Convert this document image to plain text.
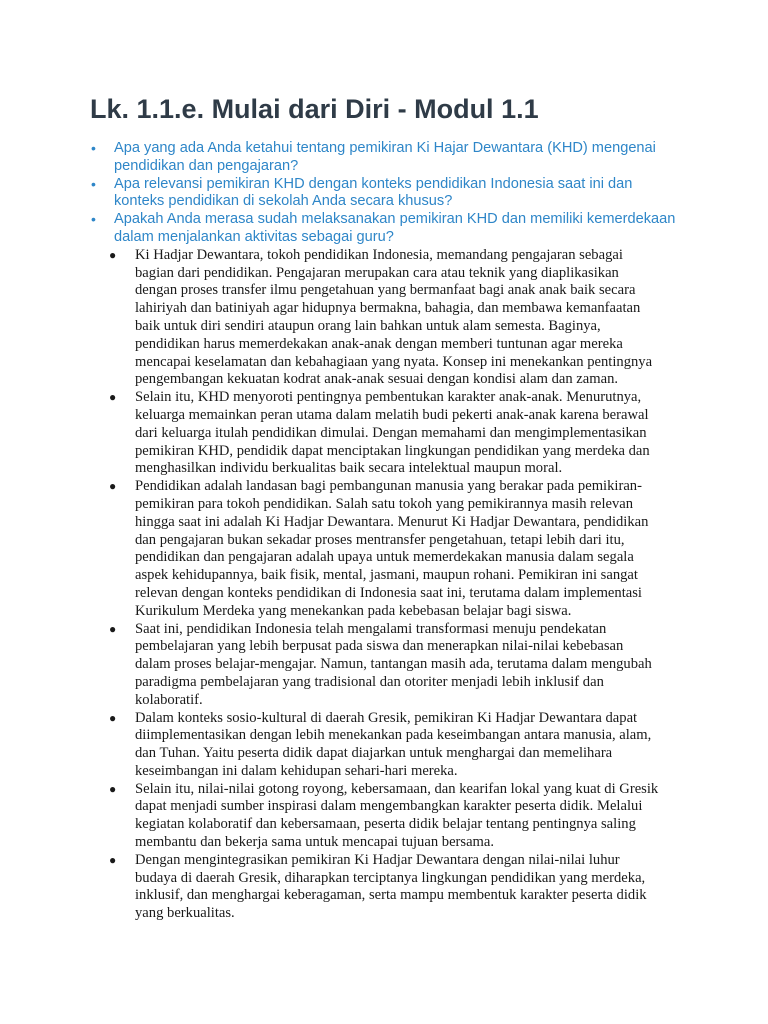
Lk. 1.1.e. Mulai dari Diri - Modul 1.1
• Apa yang ada Anda ketahui tentang pemikiran Ki Hajar Dewantara (KHD) mengenai pendidikan dan pengajaran?
• Apa relevansi pemikiran KHD dengan konteks pendidikan Indonesia saat ini dan konteks pendidikan di sekolah Anda secara khusus?
• Apakah Anda merasa sudah melaksanakan pemikiran KHD dan memiliki kemerdekaan dalam menjalankan aktivitas sebagai guru?
● Ki Hadjar Dewantara, tokoh pendidikan Indonesia, memandang pengajaran sebagai
bagian dari pendidikan. Pengajaran merupakan cara atau teknik yang diaplikasikan
dengan proses transfer ilmu pengetahuan yang bermanfaat bagi anak anak baik secara
lahiriyah dan batiniyah agar hidupnya bermakna, bahagia, dan membawa kemanfaatan
baik untuk diri sendiri ataupun orang lain bahkan untuk alam semesta. Baginya,
pendidikan harus memerdekakan anak-anak dengan memberi tuntunan agar mereka
mencapai keselamatan dan kebahagiaan yang nyata. Konsep ini menekankan pentingnya
pengembangan kekuatan kodrat anak-anak sesuai dengan kondisi alam dan zaman.
● Selain itu, KHD menyoroti pentingnya pembentukan karakter anak-anak. Menurutnya,
keluarga memainkan peran utama dalam melatih budi pekerti anak-anak karena berawal
dari keluarga itulah pendidikan dimulai. Dengan memahami dan mengimplementasikan
pemikiran KHD, pendidik dapat menciptakan lingkungan pendidikan yang merdeka dan
menghasilkan individu berkualitas baik secara intelektual maupun moral.
● Pendidikan adalah landasan bagi pembangunan manusia yang berakar pada pemikiran-
pemikiran para tokoh pendidikan. Salah satu tokoh yang pemikirannya masih relevan
hingga saat ini adalah Ki Hadjar Dewantara. Menurut Ki Hadjar Dewantara, pendidikan
dan pengajaran bukan sekadar proses mentransfer pengetahuan, tetapi lebih dari itu,
pendidikan dan pengajaran adalah upaya untuk memerdekakan manusia dalam segala
aspek kehidupannya, baik fisik, mental, jasmani, maupun rohani. Pemikiran ini sangat
relevan dengan konteks pendidikan di Indonesia saat ini, terutama dalam implementasi
Kurikulum Merdeka yang menekankan pada kebebasan belajar bagi siswa.
● Saat ini, pendidikan Indonesia telah mengalami transformasi menuju pendekatan
pembelajaran yang lebih berpusat pada siswa dan menerapkan nilai-nilai kebebasan
dalam proses belajar-mengajar. Namun, tantangan masih ada, terutama dalam mengubah
paradigma pembelajaran yang tradisional dan otoriter menjadi lebih inklusif dan
kolaboratif.
● Dalam konteks sosio-kultural di daerah Gresik, pemikiran Ki Hadjar Dewantara dapat
diimplementasikan dengan lebih menekankan pada keseimbangan antara manusia, alam,
dan Tuhan. Yaitu peserta didik dapat diajarkan untuk menghargai dan memelihara
keseimbangan ini dalam kehidupan sehari-hari mereka.
● Selain itu, nilai-nilai gotong royong, kebersamaan, dan kearifan lokal yang kuat di Gresik
dapat menjadi sumber inspirasi dalam mengembangkan karakter peserta didik. Melalui
kegiatan kolaboratif dan kebersamaan, peserta didik belajar tentang pentingnya saling
membantu dan bekerja sama untuk mencapai tujuan bersama.
● Dengan mengintegrasikan pemikiran Ki Hadjar Dewantara dengan nilai-nilai luhur
budaya di daerah Gresik, diharapkan terciptanya lingkungan pendidikan yang merdeka,
inklusif, dan menghargai keberagaman, serta mampu membentuk karakter peserta didik
yang berkualitas.
